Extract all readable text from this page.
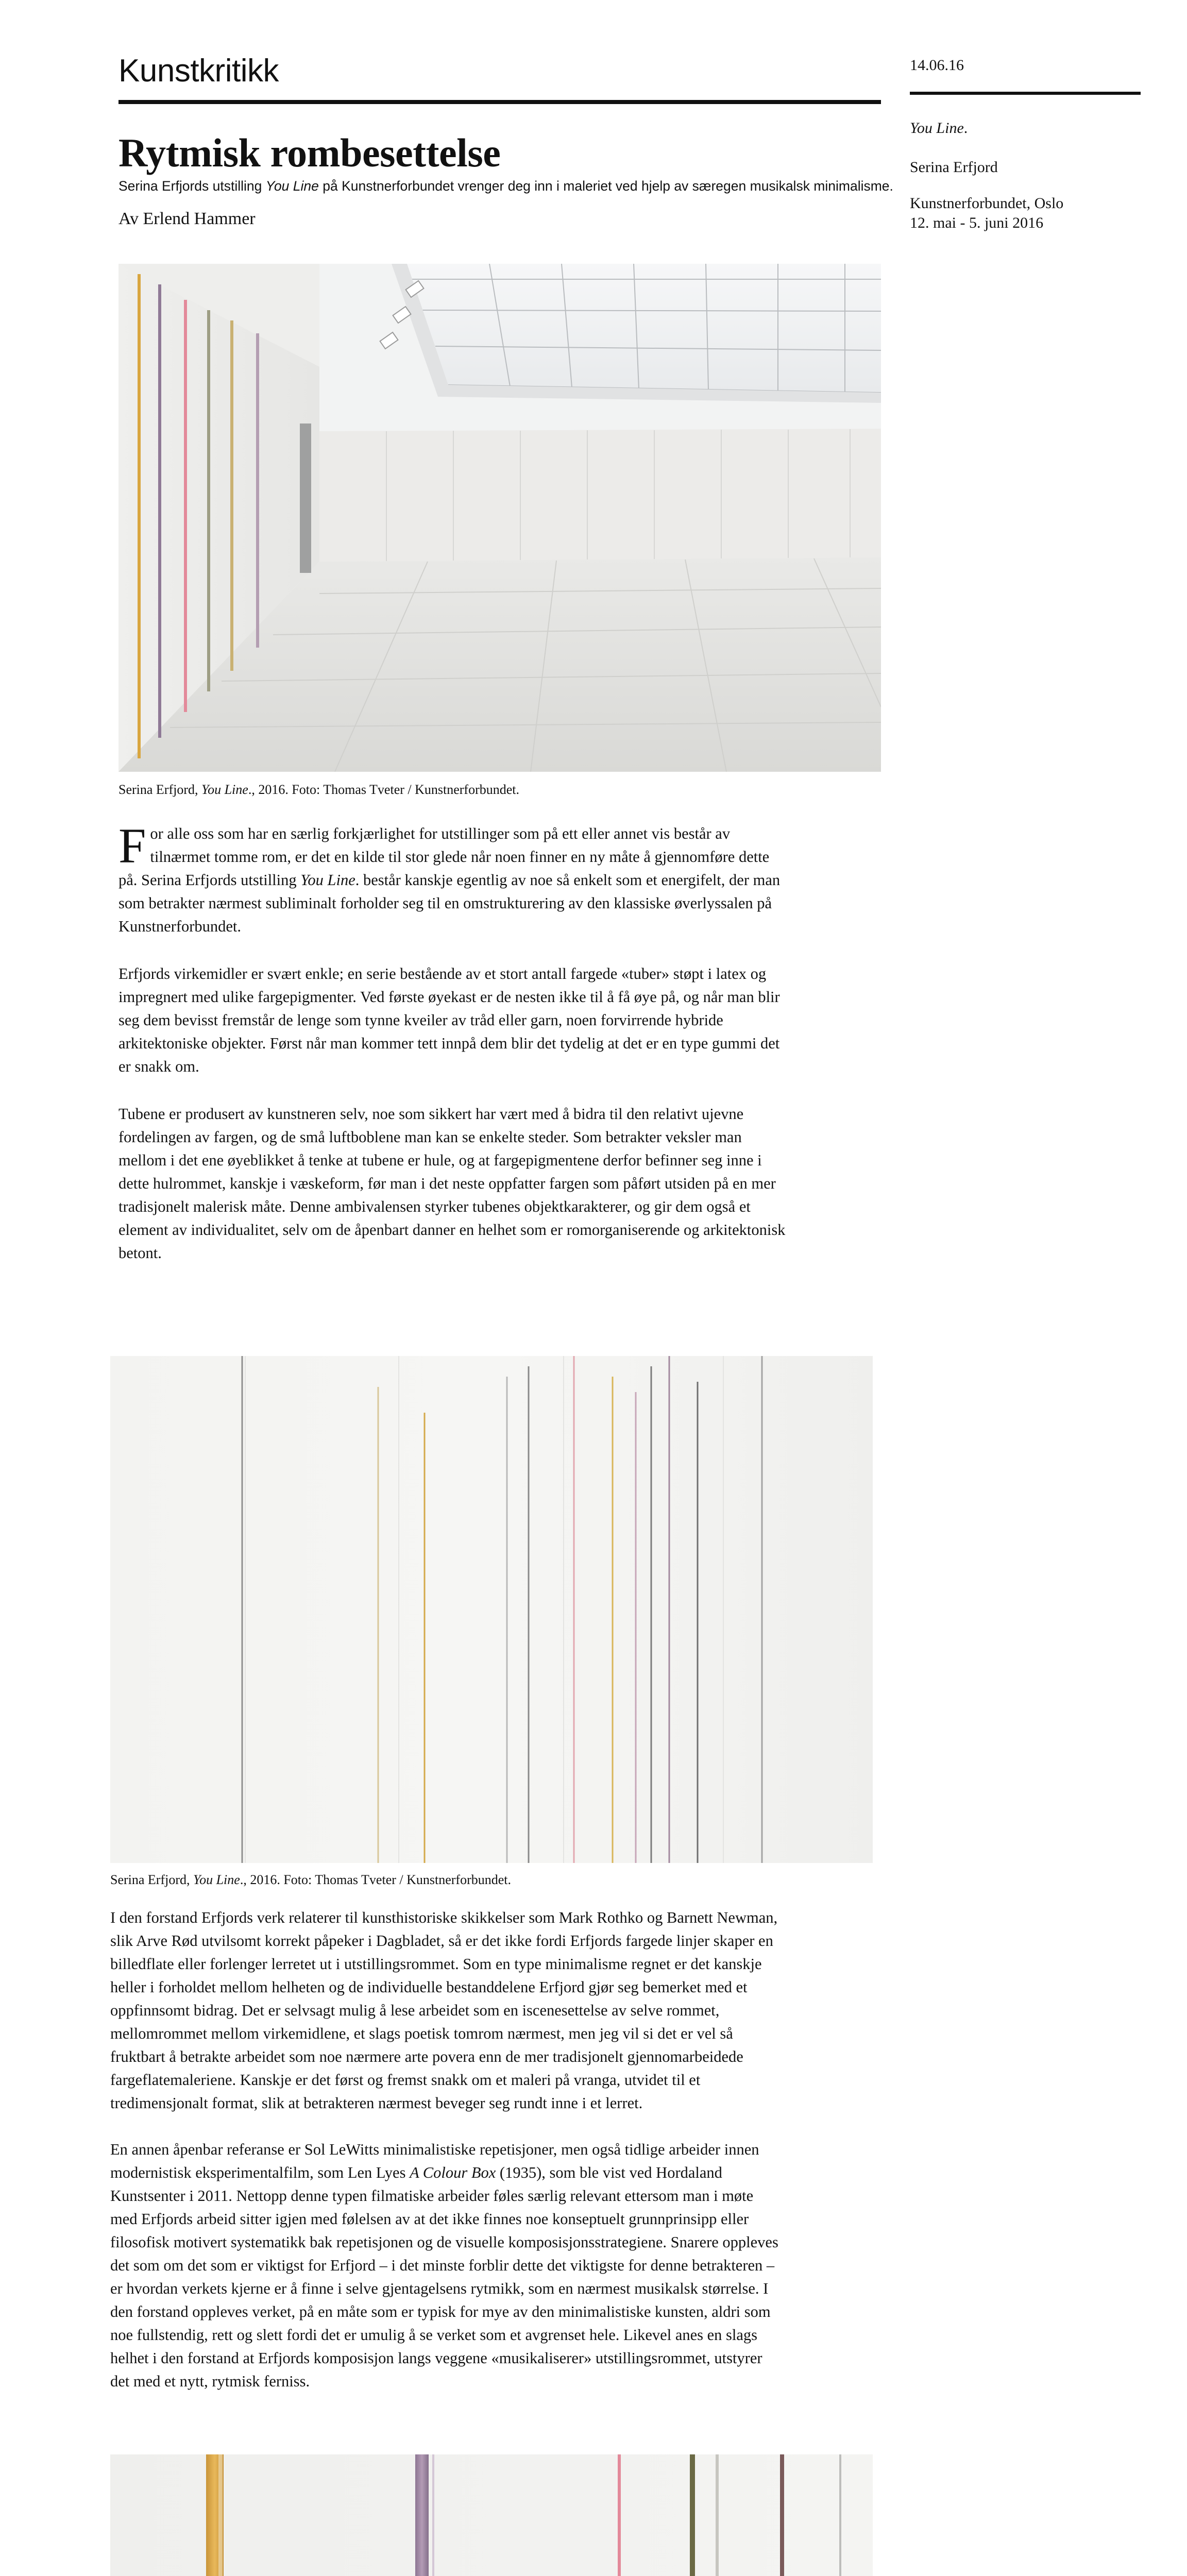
Kunstkritikk	14.06.16
You Line.
Serina Erfjord
Kunstnerforbundet, Oslo
12. mai - 5. juni 2016
Rytmisk rombesettelse
Serina Erfjords utstilling You Line på Kunstnerforbundet vrenger deg inn i maleriet ved hjelp av særegen musikalsk minimalisme.
Av Erlend Hammer
Serina Erfjord, You Line., 2016. Foto: Thomas Tveter / Kunstnerforbundet.
F or alle oss som har en særlig forkjærlighet for utstillinger som på ett eller annet vis består av
tilnærmet tomme rom, er det en kilde til stor glede når noen finner en ny måte å gjennomføre dette
på. Serina Erfjords utstilling You Line. består kanskje egentlig av noe så enkelt som et energifelt, der man
som betrakter nærmest subliminalt forholder seg til en omstrukturering av den klassiske øverlyssalen på
Kunstnerforbundet.
Erfjords virkemidler er svært enkle; en serie bestående av et stort antall fargede «tuber» støpt i latex og
impregnert med ulike fargepigmenter. Ved første øyekast er de nesten ikke til å få øye på, og når man blir
seg dem bevisst fremstår de lenge som tynne kveiler av tråd eller garn, noen forvirrende hybride
arkitektoniske objekter. Først når man kommer tett innpå dem blir det tydelig at det er en type gummi det
er snakk om.
Tubene er produsert av kunstneren selv, noe som sikkert har vært med å bidra til den relativt ujevne
fordelingen av fargen, og de små luftboblene man kan se enkelte steder. Som betrakter veksler man
mellom i det ene øyeblikket å tenke at tubene er hule, og at fargepigmentene derfor befinner seg inne i
dette hulrommet, kanskje i væskeform, før man i det neste oppfatter fargen som påført utsiden på en mer
tradisjonelt malerisk måte. Denne ambivalensen styrker tubenes objektkarakterer, og gir dem også et
element av individualitet, selv om de åpenbart danner en helhet som er romorganiserende og arkitektonisk
betont.
Serina Erfjord, You Line., 2016. Foto: Thomas Tveter / Kunstnerforbundet.
I den forstand Erfjords verk relaterer til kunsthistoriske skikkelser som Mark Rothko og Barnett Newman,
slik Arve Rød utvilsomt korrekt påpeker i Dagbladet, så er det ikke fordi Erfjords fargede linjer skaper en
billedflate eller forlenger lerretet ut i utstillingsrommet. Som en type minimalisme regnet er det kanskje
heller i forholdet mellom helheten og de individuelle bestanddelene Erfjord gjør seg bemerket med et
oppfinnsomt bidrag. Det er selvsagt mulig å lese arbeidet som en iscenesettelse av selve rommet,
mellomrommet mellom virkemidlene, et slags poetisk tomrom nærmest, men jeg vil si det er vel så
fruktbart å betrakte arbeidet som noe nærmere arte povera enn de mer tradisjonelt gjennomarbeidede
fargeflatemaleriene. Kanskje er det først og fremst snakk om et maleri på vranga, utvidet til et
tredimensjonalt format, slik at betrakteren nærmest beveger seg rundt inne i et lerret.
En annen åpenbar referanse er Sol LeWitts minimalistiske repetisjoner, men også tidlige arbeider innen
modernistisk eksperimentalfilm, som Len Lyes A Colour Box (1935), som ble vist ved Hordaland
Kunstsenter i 2011. Nettopp denne typen filmatiske arbeider føles særlig relevant ettersom man i møte
med Erfjords arbeid sitter igjen med følelsen av at det ikke finnes noe konseptuelt grunnprinsipp eller
filosofisk motivert systematikk bak repetisjonen og de visuelle komposisjonsstrategiene. Snarere oppleves
det som om det som er viktigst for Erfjord – i det minste forblir dette det viktigste for denne betrakteren –
er hvordan verkets kjerne er å finne i selve gjentagelsens rytmikk, som en nærmest musikalsk størrelse. I
den forstand oppleves verket, på en måte som er typisk for mye av den minimalistiske kunsten, aldri som
noe fullstendig, rett og slett fordi det er umulig å se verket som et avgrenset hele. Likevel anes en slags
helhet i den forstand at Erfjords komposisjon langs veggene «musikaliserer» utstillingsrommet, utstyrer
det med et nytt, rytmisk ferniss.
